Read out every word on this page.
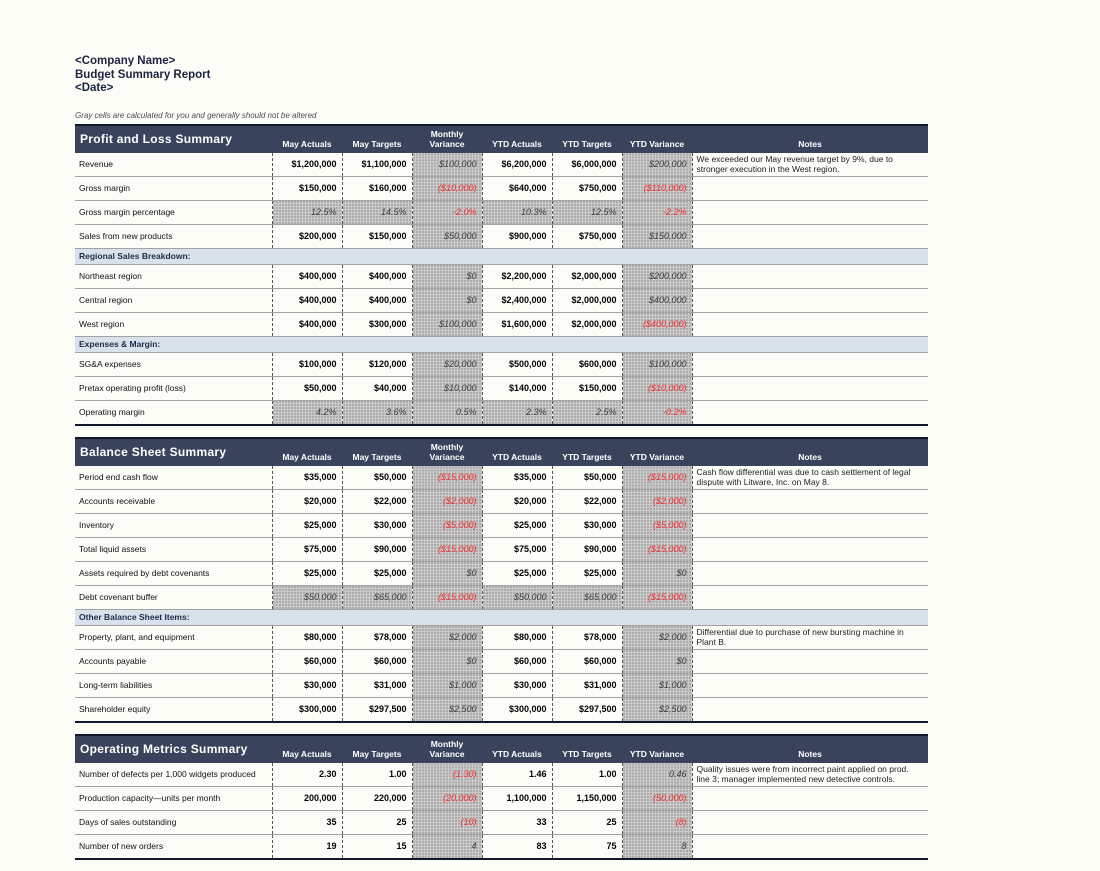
<Company Name>
Budget Summary Report
<Date>
Gray cells are calculated for you and generally should not be altered
Profit and Loss Summary	May Actuals	May Targets	Monthly Variance	YTD Actuals	YTD Targets	YTD Variance	Notes
Revenue	$1,200,000	$1,100,000	$100,000	$6,200,000	$6,000,000	$200,000	We exceeded our May revenue target by 9%, due to stronger execution in the West region.
Gross margin	$150,000	$160,000	($10,000)	$640,000	$750,000	($110,000)	
Gross margin percentage	12.5%	14.5%	-2.0%	10.3%	12.5%	-2.2%	
Sales from new products	$200,000	$150,000	$50,000	$900,000	$750,000	$150,000	
Regional Sales Breakdown:							
Northeast region	$400,000	$400,000	$0	$2,200,000	$2,000,000	$200,000	
Central region	$400,000	$400,000	$0	$2,400,000	$2,000,000	$400,000	
West region	$400,000	$300,000	$100,000	$1,600,000	$2,000,000	($400,000)	
Expenses & Margin:							
SG&A expenses	$100,000	$120,000	$20,000	$500,000	$600,000	$100,000	
Pretax operating profit (loss)	$50,000	$40,000	$10,000	$140,000	$150,000	($10,000)	
Operating margin	4.2%	3.6%	0.5%	2.3%	2.5%	-0.2%	
Balance Sheet Summary	May Actuals	May Targets	Monthly Variance	YTD Actuals	YTD Targets	YTD Variance	Notes
Period end cash flow	$35,000	$50,000	($15,000)	$35,000	$50,000	($15,000)	Cash flow differential was due to cash settlement of legal dispute with Litware, Inc. on May 8.
Accounts receivable	$20,000	$22,000	($2,000)	$20,000	$22,000	($2,000)	
Inventory	$25,000	$30,000	($5,000)	$25,000	$30,000	($5,000)	
Total liquid assets	$75,000	$90,000	($15,000)	$75,000	$90,000	($15,000)	
Assets required by debt covenants	$25,000	$25,000	$0	$25,000	$25,000	$0	
Debt covenant buffer	$50,000	$65,000	($15,000)	$50,000	$65,000	($15,000)	
Other Balance Sheet Items:							
Property, plant, and equipment	$80,000	$78,000	$2,000	$80,000	$78,000	$2,000	Differential due to purchase of new bursting machine in Plant B.
Accounts payable	$60,000	$60,000	$0	$60,000	$60,000	$0	
Long-term liabilities	$30,000	$31,000	$1,000	$30,000	$31,000	$1,000	
Shareholder equity	$300,000	$297,500	$2,500	$300,000	$297,500	$2,500	
Operating Metrics Summary	May Actuals	May Targets	Monthly Variance	YTD Actuals	YTD Targets	YTD Variance	Notes
Number of defects per 1,000 widgets produced	2.30	1.00	(1.30)	1.46	1.00	0.46	Quality issues were from incorrect paint applied on prod. line 3; manager implemented new detective controls.
Production capacity—units per month	200,000	220,000	(20,000)	1,100,000	1,150,000	(50,000)	
Days of sales outstanding	35	25	(10)	33	25	(8)	
Number of new orders	19	15	4	83	75	8	
